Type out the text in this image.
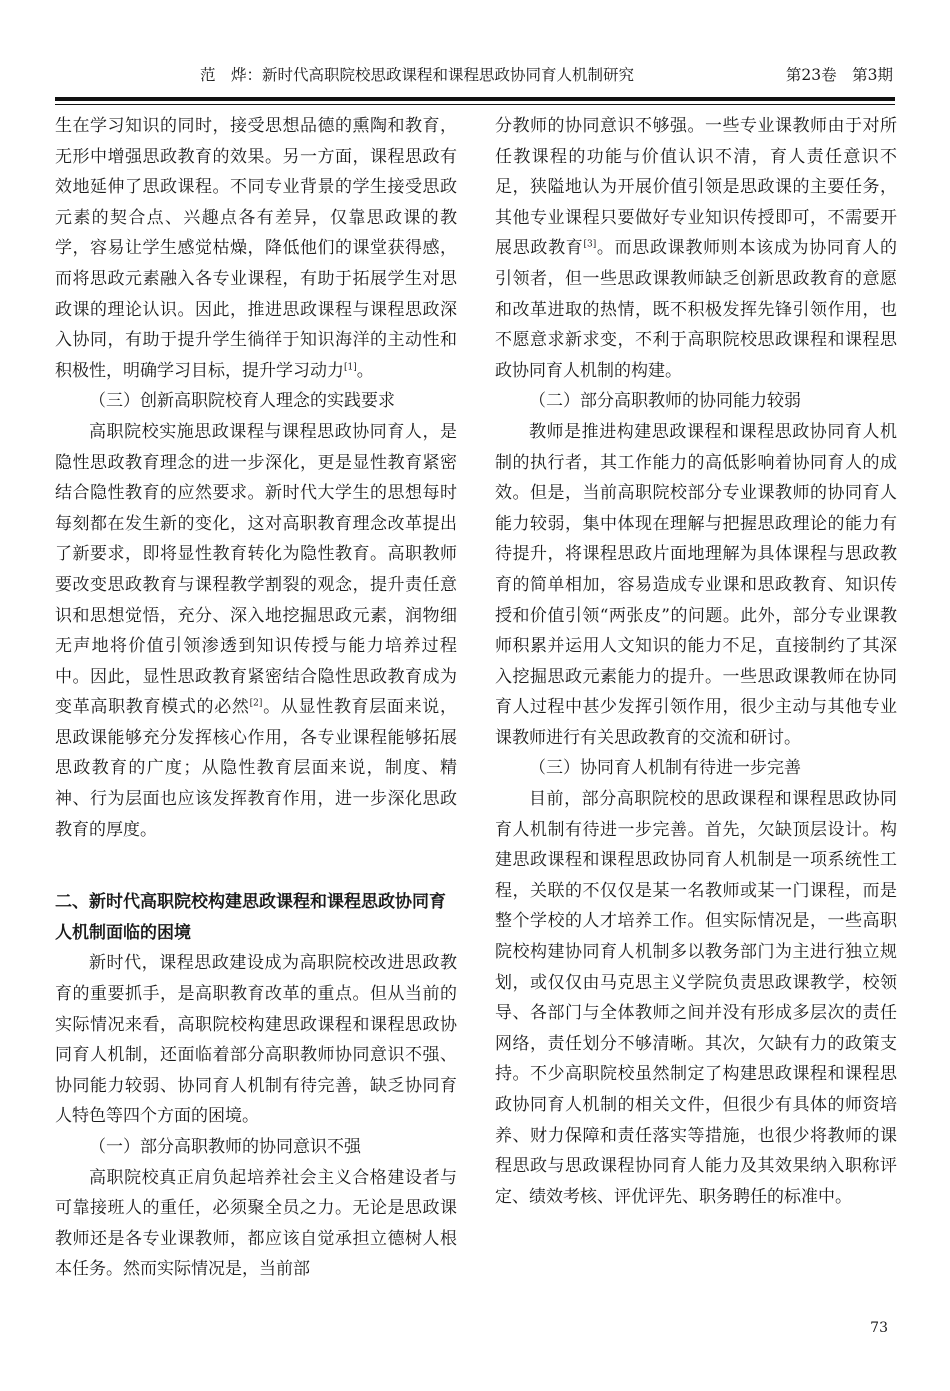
范　烨：新时代高职院校思政课程和课程思政协同育人机制研究	第23卷　第3期

生在学习知识的同时，接受思想品德的熏陶和教育，无形中增强思政教育的效果。另一方面，课程思政有效地延伸了思政课程。不同专业背景的学生接受思政元素的契合点、兴趣点各有差异，仅靠思政课的教学，容易让学生感觉枯燥，降低他们的课堂获得感，而将思政元素融入各专业课程，有助于拓展学生对思政课的理论认识。因此，推进思政课程与课程思政深入协同，有助于提升学生徜徉于知识海洋的主动性和积极性，明确学习目标，提升学习动力[1]。

（三）创新高职院校育人理念的实践要求

高职院校实施思政课程与课程思政协同育人，是隐性思政教育理念的进一步深化，更是显性教育紧密结合隐性教育的应然要求。新时代大学生的思想每时每刻都在发生新的变化，这对高职教育理念改革提出了新要求，即将显性教育转化为隐性教育。高职教师要改变思政教育与课程教学割裂的观念，提升责任意识和思想觉悟，充分、深入地挖掘思政元素，润物细无声地将价值引领渗透到知识传授与能力培养过程中。因此，显性思政教育紧密结合隐性思政教育成为变革高职教育模式的必然[2]。从显性教育层面来说，思政课能够充分发挥核心作用，各专业课程能够拓展思政教育的广度；从隐性教育层面来说，制度、精神、行为层面也应该发挥教育作用，进一步深化思政教育的厚度。

二、新时代高职院校构建思政课程和课程思政协同育人机制面临的困境

新时代，课程思政建设成为高职院校改进思政教育的重要抓手，是高职教育改革的重点。但从当前的实际情况来看，高职院校构建思政课程和课程思政协同育人机制，还面临着部分高职教师协同意识不强、协同能力较弱、协同育人机制有待完善，缺乏协同育人特色等四个方面的困境。

（一）部分高职教师的协同意识不强

高职院校真正肩负起培养社会主义合格建设者与可靠接班人的重任，必须聚全员之力。无论是思政课教师还是各专业课教师，都应该自觉承担立德树人根本任务。然而实际情况是，当前部

分教师的协同意识不够强。一些专业课教师由于对所任教课程的功能与价值认识不清，育人责任意识不足，狭隘地认为开展价值引领是思政课的主要任务，其他专业课程只要做好专业知识传授即可，不需要开展思政教育[3]。而思政课教师则本该成为协同育人的引领者，但一些思政课教师缺乏创新思政教育的意愿和改革进取的热情，既不积极发挥先锋引领作用，也不愿意求新求变，不利于高职院校思政课程和课程思政协同育人机制的构建。

（二）部分高职教师的协同能力较弱

教师是推进构建思政课程和课程思政协同育人机制的执行者，其工作能力的高低影响着协同育人的成效。但是，当前高职院校部分专业课教师的协同育人能力较弱，集中体现在理解与把握思政理论的能力有待提升，将课程思政片面地理解为具体课程与思政教育的简单相加，容易造成专业课和思政教育、知识传授和价值引领“两张皮”的问题。此外，部分专业课教师积累并运用人文知识的能力不足，直接制约了其深入挖掘思政元素能力的提升。一些思政课教师在协同育人过程中甚少发挥引领作用，很少主动与其他专业课教师进行有关思政教育的交流和研讨。

（三）协同育人机制有待进一步完善

目前，部分高职院校的思政课程和课程思政协同育人机制有待进一步完善。首先，欠缺顶层设计。构建思政课程和课程思政协同育人机制是一项系统性工程，关联的不仅仅是某一名教师或某一门课程，而是整个学校的人才培养工作。但实际情况是，一些高职院校构建协同育人机制多以教务部门为主进行独立规划，或仅仅由马克思主义学院负责思政课教学，校领导、各部门与全体教师之间并没有形成多层次的责任网络，责任划分不够清晰。其次，欠缺有力的政策支持。不少高职院校虽然制定了构建思政课程和课程思政协同育人机制的相关文件，但很少有具体的师资培养、财力保障和责任落实等措施，也很少将教师的课程思政与思政课程协同育人能力及其效果纳入职称评定、绩效考核、评优评先、职务聘任的标准中。

73
